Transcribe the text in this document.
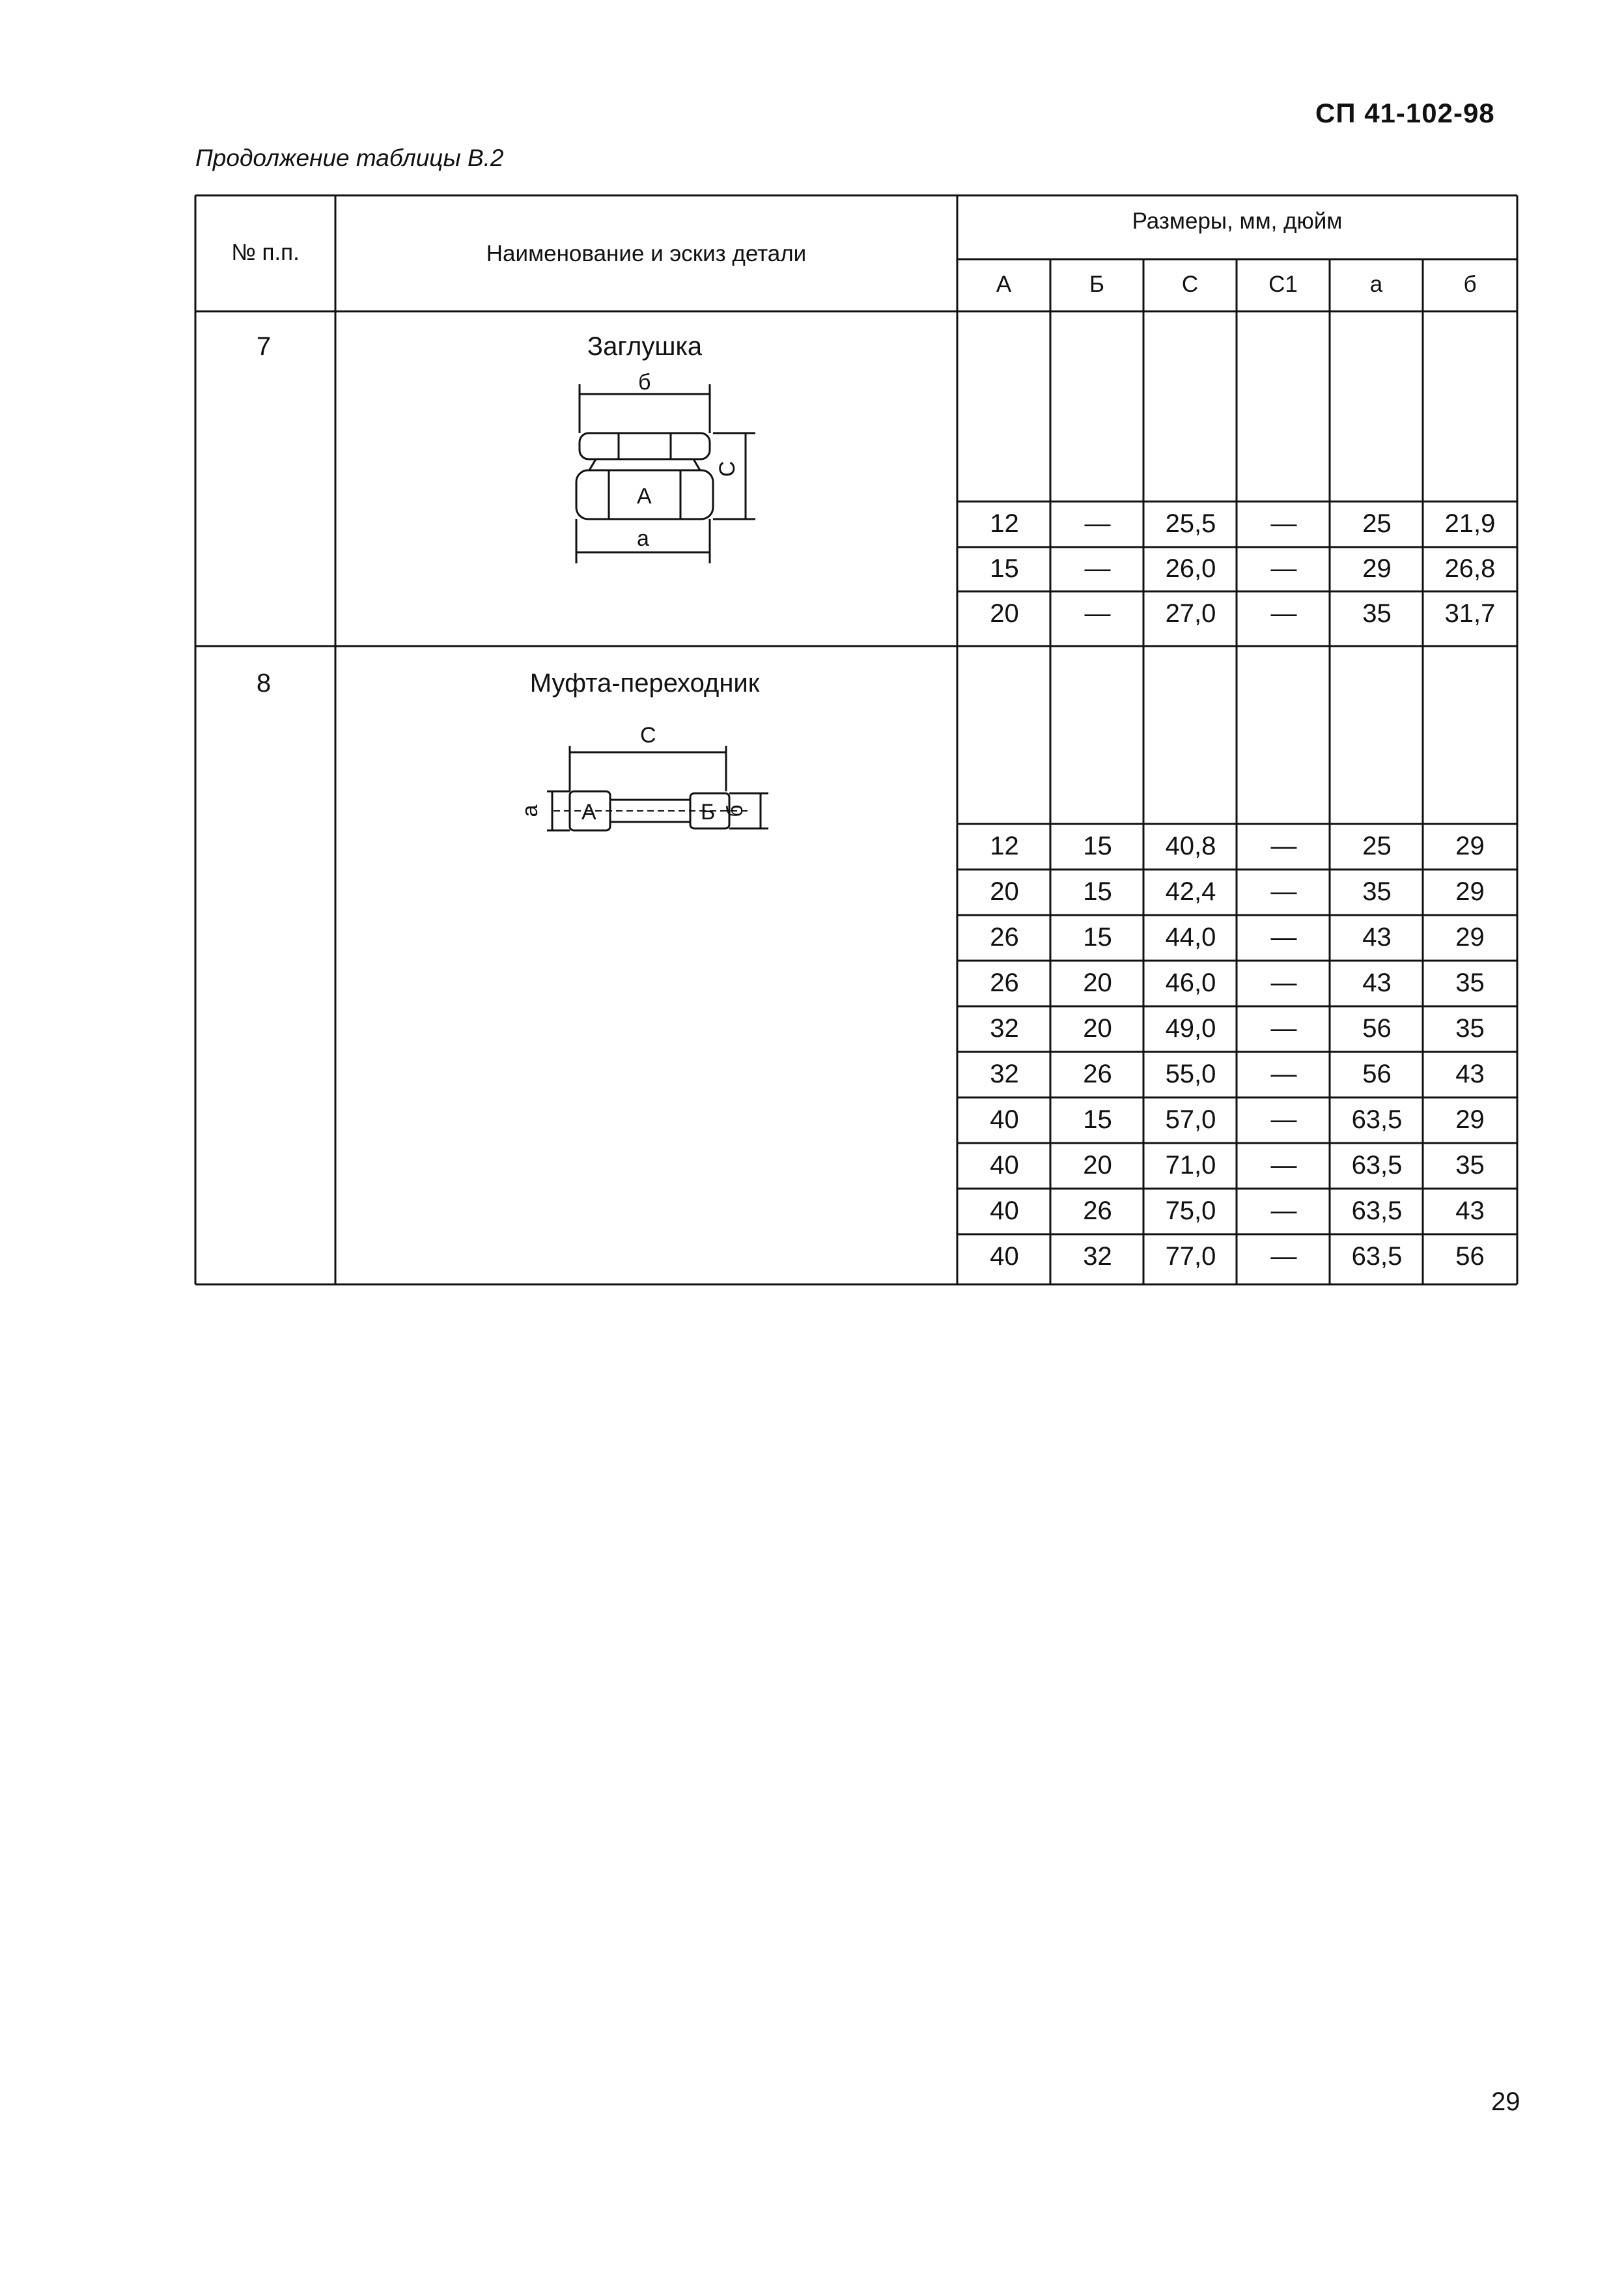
СП 41-102-98
Продолжение таблицы В.2
№ п.п.	Наименование и эскиз детали
Размеры, мм, дюйм
А	Б	С	С1	а	б
7	Заглушка
б
А
С
а
12	—	25,5	—	25	21,9
15	—	26,0	—	29	26,8
20	—	27,0	—	35	31,7
8	Муфта-переходник
С
а А	Б б
12	15	40,8	—	25	29
20	15	42,4	—	35	29
26	15	44,0	—	43	29
26	20	46,0	—	43	35
32	20	49,0	—	56	35
32	26	55,0	—	56	43
40	15	57,0	—	63,5	29
40	20	71,0	—	63,5	35
40	26	75,0	—	63,5	43
40	32	77,0	—	63,5	56
29
